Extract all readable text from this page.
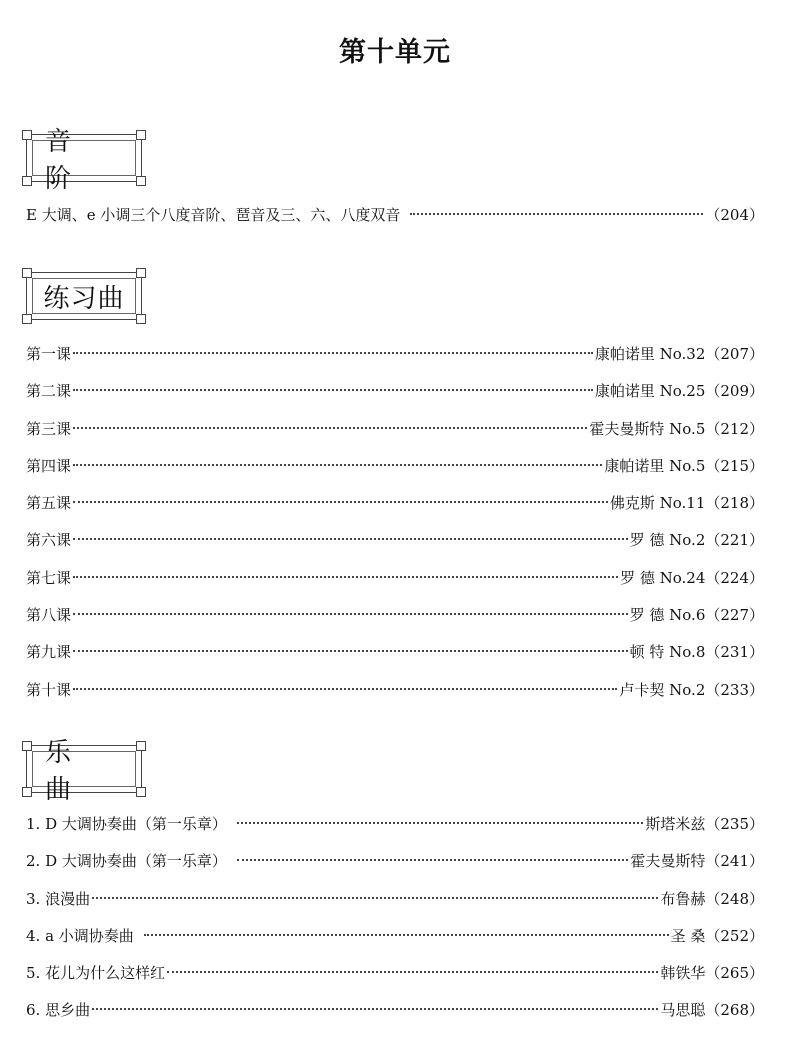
第十单元
音 阶
E 大调、e 小调三个八度音阶、琶音及三、六、八度双音	（204）
练习曲
第一课	康帕诺里 No.32（207）
第二课	康帕诺里 No.25（209）
第三课	霍夫曼斯特 No.5（212）
第四课	康帕诺里 No.5（215）
第五课	佛克斯 No.11（218）
第六课	罗 德 No.2（221）
第七课	罗 德 No.24（224）
第八课	罗 德 No.6（227）
第九课	顿 特 No.8（231）
第十课	卢卡契 No.2（233）
乐 曲
1. D 大调协奏曲（第一乐章）	斯塔米兹（235）
2. D 大调协奏曲（第一乐章）	霍夫曼斯特（241）
3. 浪漫曲	布鲁赫（248）
4. a 小调协奏曲	圣 桑（252）
5. 花儿为什么这样红	韩铁华（265）
6. 思乡曲	马思聪（268）
